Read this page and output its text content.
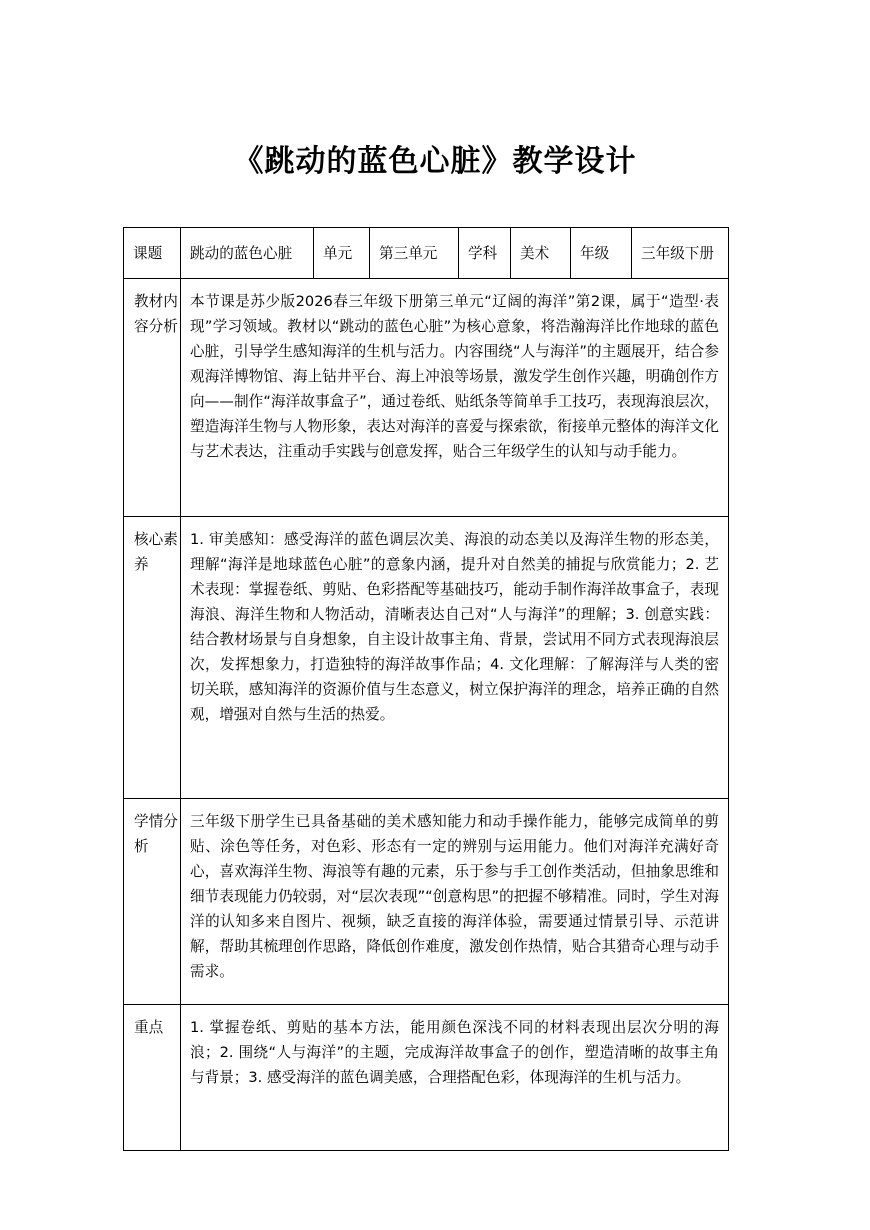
《跳动的蓝色心脏》教学设计
课题	跳动的蓝色心脏	单元	第三单元	学科	美术	年级	三年级下册
教材内容分析	本节课是苏少版2026春三年级下册第三单元“辽阔的海洋”第2课，属于“造型·表现”学习领域。教材以“跳动的蓝色心脏”为核心意象，将浩瀚海洋比作地球的蓝色心脏，引导学生感知海洋的生机与活力。内容围绕“人与海洋”的主题展开，结合参观海洋博物馆、海上钻井平台、海上冲浪等场景，激发学生创作兴趣，明确创作方向——制作“海洋故事盒子”，通过卷纸、贴纸条等简单手工技巧，表现海浪层次，塑造海洋生物与人物形象，表达对海洋的喜爱与探索欲，衔接单元整体的海洋文化与艺术表达，注重动手实践与创意发挥，贴合三年级学生的认知与动手能力。						
核心素养	1. 审美感知：感受海洋的蓝色调层次美、海浪的动态美以及海洋生物的形态美，理解“海洋是地球蓝色心脏”的意象内涵，提升对自然美的捕捉与欣赏能力；2. 艺术表现：掌握卷纸、剪贴、色彩搭配等基础技巧，能动手制作海洋故事盒子，表现海浪、海洋生物和人物活动，清晰表达自己对“人与海洋”的理解；3. 创意实践：结合教材场景与自身想象，自主设计故事主角、背景，尝试用不同方式表现海浪层次，发挥想象力，打造独特的海洋故事作品；4. 文化理解：了解海洋与人类的密切关联，感知海洋的资源价值与生态意义，树立保护海洋的理念，培养正确的自然观，增强对自然与生活的热爱。						
学情分析	三年级下册学生已具备基础的美术感知能力和动手操作能力，能够完成简单的剪贴、涂色等任务，对色彩、形态有一定的辨别与运用能力。他们对海洋充满好奇心，喜欢海洋生物、海浪等有趣的元素，乐于参与手工创作类活动，但抽象思维和细节表现能力仍较弱，对“层次表现”“创意构思”的把握不够精准。同时，学生对海洋的认知多来自图片、视频，缺乏直接的海洋体验，需要通过情景引导、示范讲解，帮助其梳理创作思路，降低创作难度，激发创作热情，贴合其猎奇心理与动手需求。						
重点	1. 掌握卷纸、剪贴的基本方法，能用颜色深浅不同的材料表现出层次分明的海浪；2. 围绕“人与海洋”的主题，完成海洋故事盒子的创作，塑造清晰的故事主角与背景；3. 感受海洋的蓝色调美感，合理搭配色彩，体现海洋的生机与活力。						
